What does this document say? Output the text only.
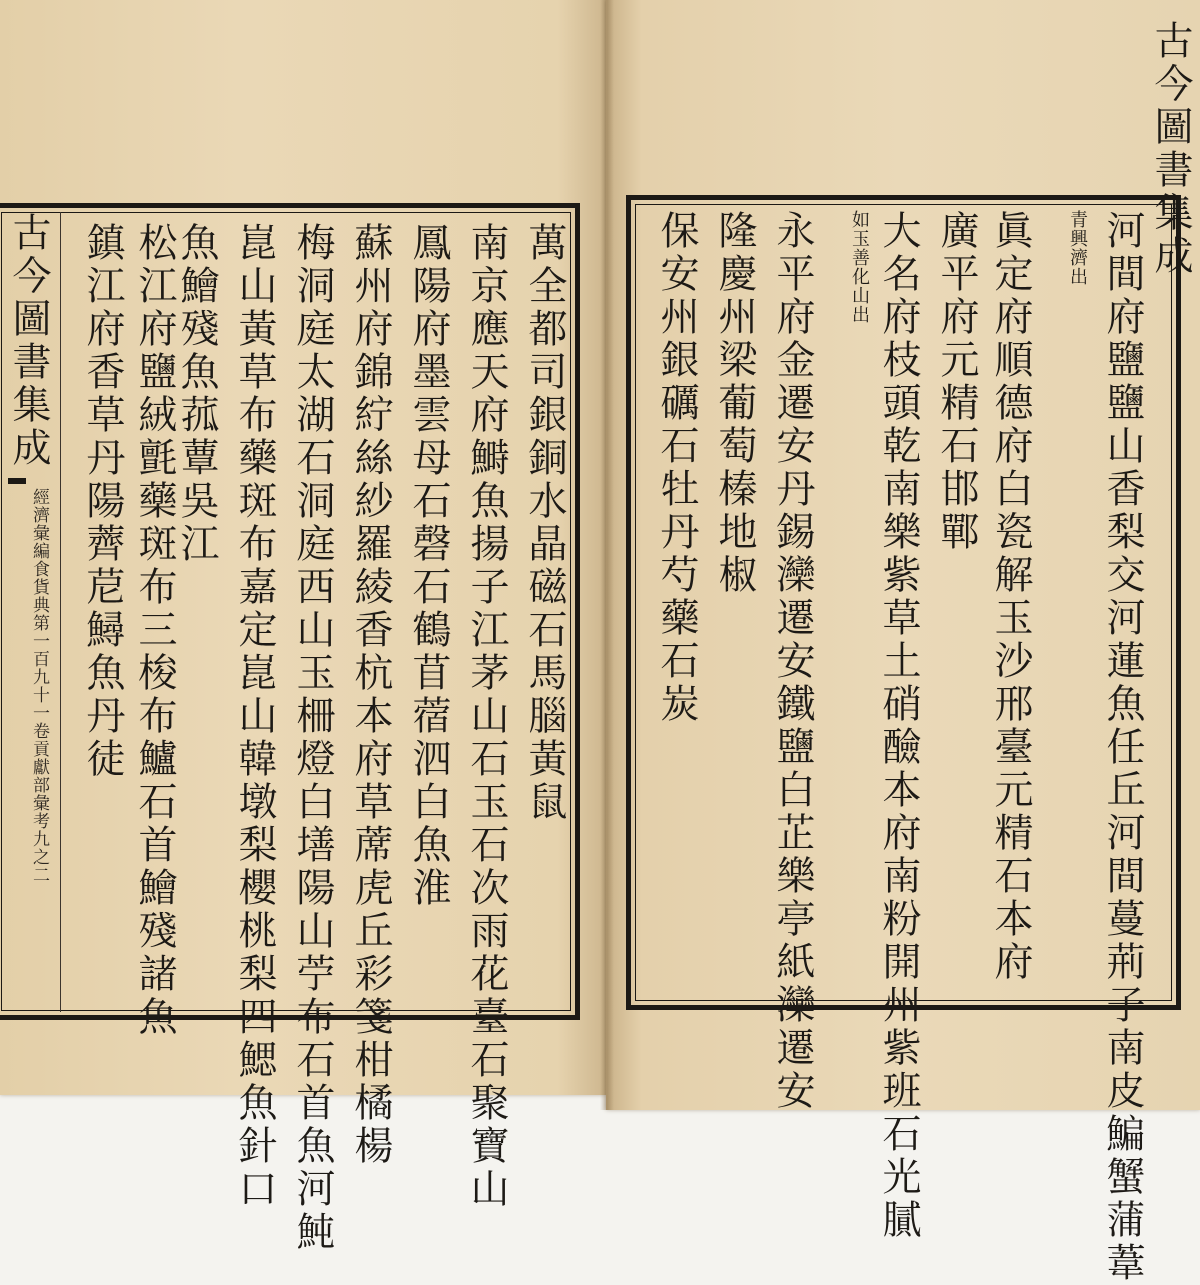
古今圖書集成
經濟彙編食貨典第一百九十一卷貢獻部彙考九之二	萬全都司銀銅水晶磁石馬腦黃鼠
南京應天府鰣魚揚子江茅山石玉石次雨花臺石聚寶山
鳳陽府墨雲母石磬石鶴苜蓿泗白魚淮
蘇州府錦紵絲紗羅綾香杭本府草蓆虎丘彩箋柑橘楊
梅洞庭太湖石洞庭西山玉柵燈白墡陽山苧布石首魚河魨
崑山黃草布藥斑布嘉定崑山韓墩梨櫻桃梨四鰓魚針口
魚鱠殘魚菰蕈吳江
松江府鹽絨氈藥斑布三梭布鱸石首鱠殘諸魚
鎮江府香草丹陽薺苨鱘魚丹徒
古今圖書集成
河間府鹽鹽山香梨交河蓮魚任丘河間蔓荊子南皮鯿蟹蒲葦
青興濟出
眞定府順德府白瓷解玉沙邢臺元精石本府
廣平府元精石邯鄲
大名府枝頭乾南樂紫草土硝醶本府南粉開州紫班石光膩
如玉善化山出
永平府金遷安丹錫灤遷安鐵鹽白芷樂亭紙灤遷安
隆慶州梁葡萄榛地椒
保安州銀礪石牡丹芍藥石炭
